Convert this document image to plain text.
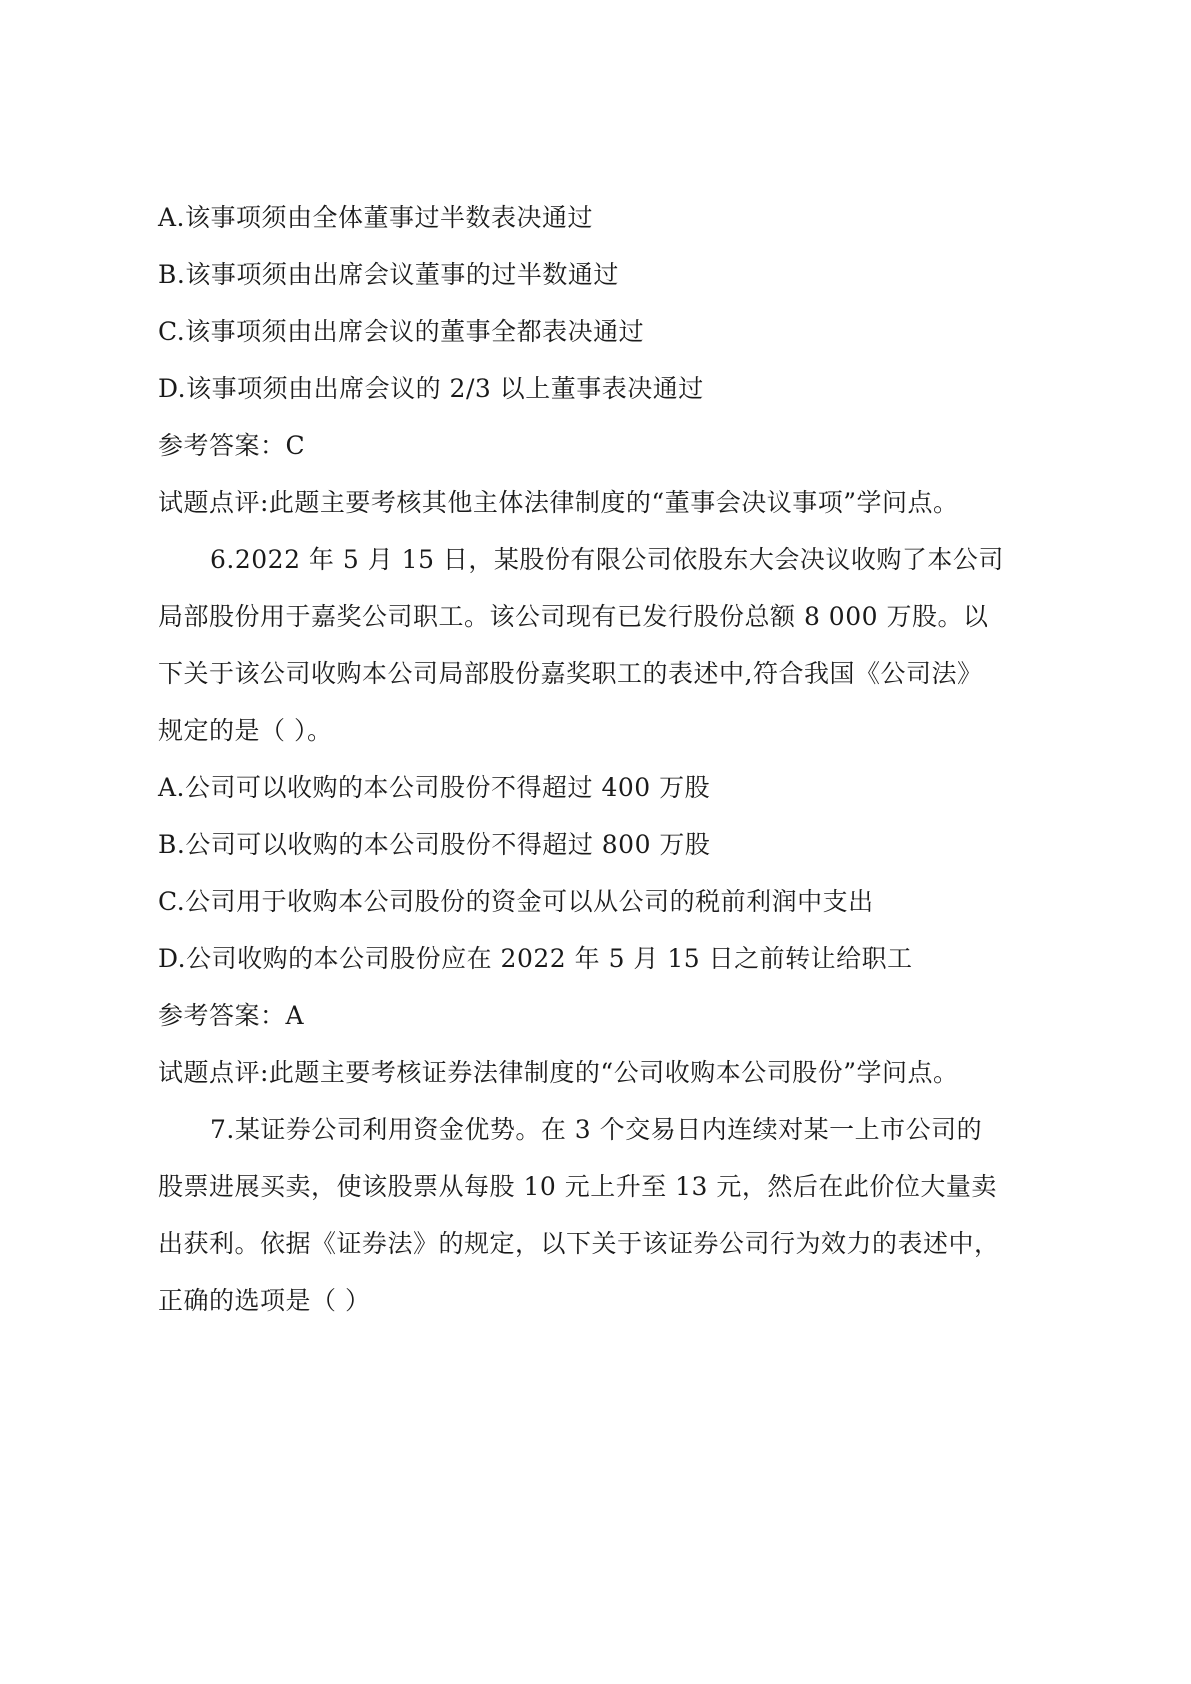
A.该事项须由全体董事过半数表决通过
B.该事项须由出席会议董事的过半数通过
C.该事项须由出席会议的董事全都表决通过
D.该事项须由出席会议的 2/3 以上董事表决通过
参考答案：C
试题点评:此题主要考核其他主体法律制度的“董事会决议事项”学问点。
6.2022 年 5 月 15 日，某股份有限公司依股东大会决议收购了本公司
局部股份用于嘉奖公司职工。该公司现有已发行股份总额 8 000 万股。以
下关于该公司收购本公司局部股份嘉奖职工的表述中,符合我国《公司法》
规定的是（ ）。
A.公司可以收购的本公司股份不得超过 400 万股
B.公司可以收购的本公司股份不得超过 800 万股
C.公司用于收购本公司股份的资金可以从公司的税前利润中支出
D.公司收购的本公司股份应在 2022 年 5 月 15 日之前转让给职工
参考答案：A
试题点评:此题主要考核证券法律制度的“公司收购本公司股份”学问点。
7.某证券公司利用资金优势。在 3 个交易日内连续对某一上市公司的
股票进展买卖，使该股票从每股 10 元上升至 13 元，然后在此价位大量卖
出获利。依据《证券法》的规定，以下关于该证券公司行为效力的表述中，
正确的选项是（ ）
